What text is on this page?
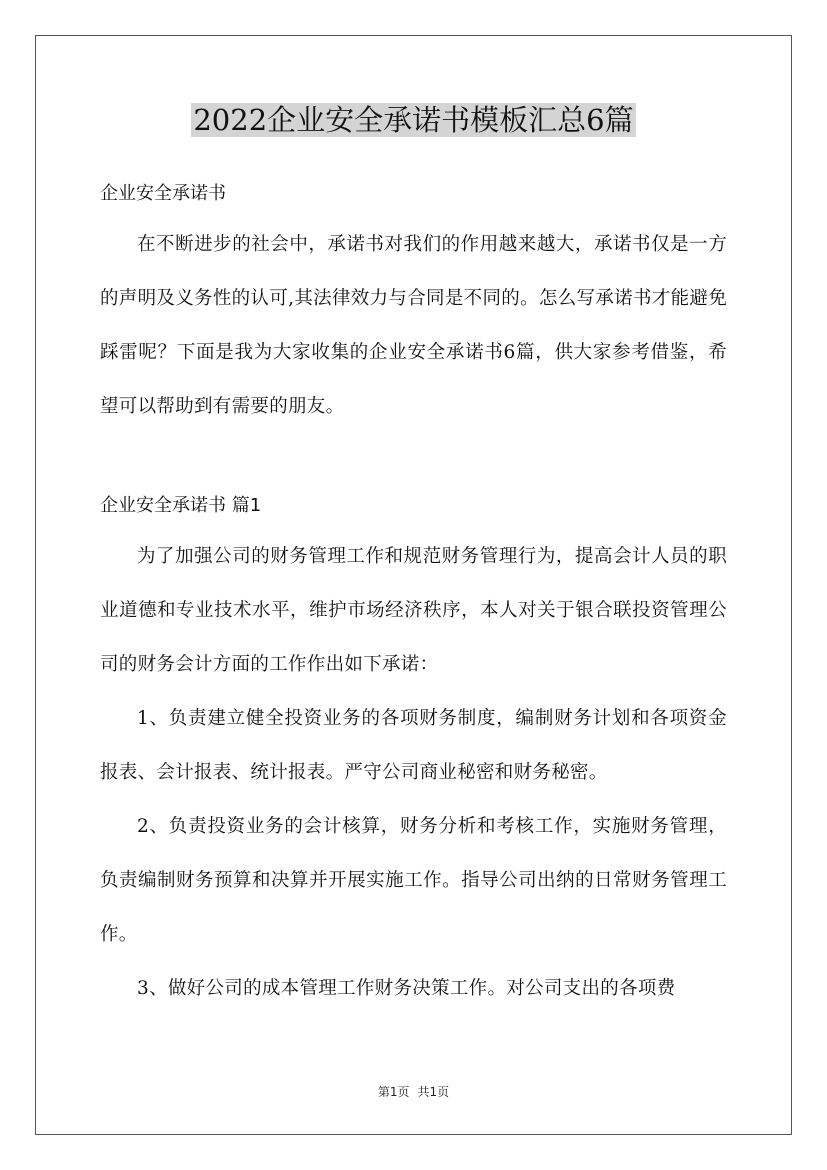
2022企业安全承诺书模板汇总6篇

企业安全承诺书

在不断进步的社会中，承诺书对我们的作用越来越大，承诺书仅是一方的声明及义务性的认可,其法律效力与合同是不同的。怎么写承诺书才能避免踩雷呢？下面是我为大家收集的企业安全承诺书6篇，供大家参考借鉴，希望可以帮助到有需要的朋友。

企业安全承诺书 篇1

为了加强公司的财务管理工作和规范财务管理行为，提高会计人员的职业道德和专业技术水平，维护市场经济秩序，本人对关于银合联投资管理公司的财务会计方面的工作作出如下承诺：

1、负责建立健全投资业务的各项财务制度，编制财务计划和各项资金报表、会计报表、统计报表。严守公司商业秘密和财务秘密。

2、负责投资业务的会计核算，财务分析和考核工作，实施财务管理，负责编制财务预算和决算并开展实施工作。指导公司出纳的日常财务管理工作。

3、做好公司的成本管理工作财务决策工作。对公司支出的各项费

第1页 共1页
